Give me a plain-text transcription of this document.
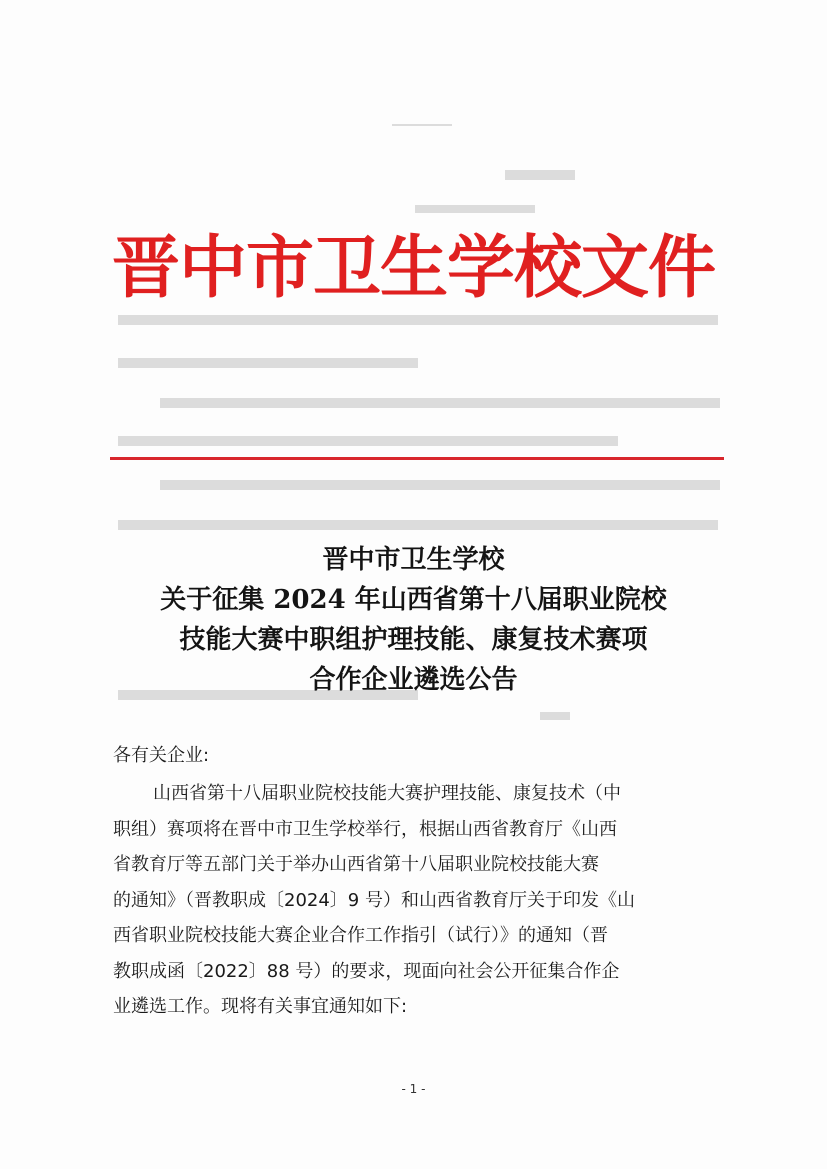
晋中市卫生学校文件
晋中市卫生学校
关于征集 2024 年山西省第十八届职业院校
技能大赛中职组护理技能、康复技术赛项
合作企业遴选公告
各有关企业:
山西省第十八届职业院校技能大赛护理技能、康复技术（中
职组）赛项将在晋中市卫生学校举行，根据山西省教育厅《山西
省教育厅等五部门关于举办山西省第十八届职业院校技能大赛
的通知》（晋教职成〔2024〕9 号）和山西省教育厅关于印发《山
西省职业院校技能大赛企业合作工作指引（试行）》的通知（晋
教职成函〔2022〕88 号）的要求，现面向社会公开征集合作企
业遴选工作。现将有关事宜通知如下:
- 1 -
